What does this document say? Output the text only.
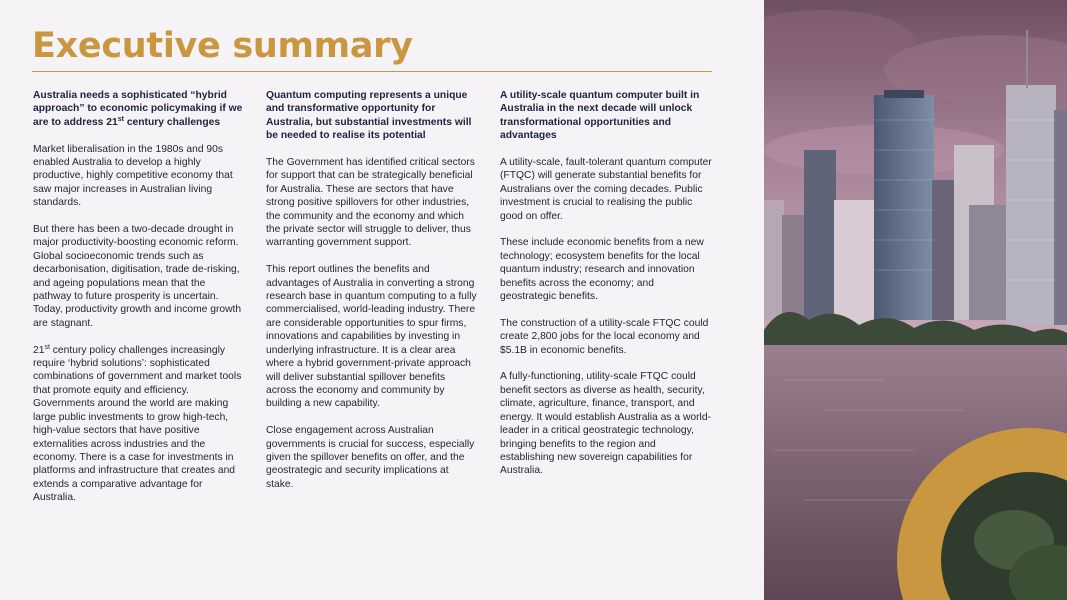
Executive summary

Australia needs a sophisticated “hybrid approach” to economic policymaking if we are to address 21st century challenges

Market liberalisation in the 1980s and 90s enabled Australia to develop a highly productive, highly competitive economy that saw major increases in Australian living standards.

But there has been a two-decade drought in major productivity-boosting economic reform. Global socioeconomic trends such as decarbonisation, digitisation, trade de-risking, and ageing populations mean that the pathway to future prosperity is uncertain. Today, productivity growth and income growth are stagnant.

21st century policy challenges increasingly require ‘hybrid solutions’: sophisticated combinations of government and market tools that promote equity and efficiency. Governments around the world are making large public investments to grow high-tech, high-value sectors that have positive externalities across industries and the economy. There is a case for investments in platforms and infrastructure that creates and extends a comparative advantage for Australia.

Quantum computing represents a unique and transformative opportunity for Australia, but substantial investments will be needed to realise its potential

The Government has identified critical sectors for support that can be strategically beneficial for Australia. These are sectors that have strong positive spillovers for other industries, the community and the economy and which the private sector will struggle to deliver, thus warranting government support.

This report outlines the benefits and advantages of Australia in converting a strong research base in quantum computing to a fully commercialised, world-leading industry. There are considerable opportunities to spur firms, innovations and capabilities by investing in underlying infrastructure. It is a clear area where a hybrid government-private approach will deliver substantial spillover benefits across the economy and community by building a new capability.

Close engagement across Australian governments is crucial for success, especially given the spillover benefits on offer, and the geostrategic and security implications at stake.

A utility-scale quantum computer built in Australia in the next decade will unlock transformational opportunities and advantages

A utility-scale, fault-tolerant quantum computer (FTQC) will generate substantial benefits for Australians over the coming decades. Public investment is crucial to realising the public good on offer.

These include economic benefits from a new technology; ecosystem benefits for the local quantum industry; research and innovation benefits across the economy; and geostrategic benefits.

The construction of a utility-scale FTQC could create 2,800 jobs for the local economy and $5.1B in economic benefits.

A fully-functioning, utility-scale FTQC could benefit sectors as diverse as health, security, climate, agriculture, finance, transport, and energy. It would establish Australia as a world-leader in a critical geostrategic technology, bringing benefits to the region and establishing new sovereign capabilities for Australia.
